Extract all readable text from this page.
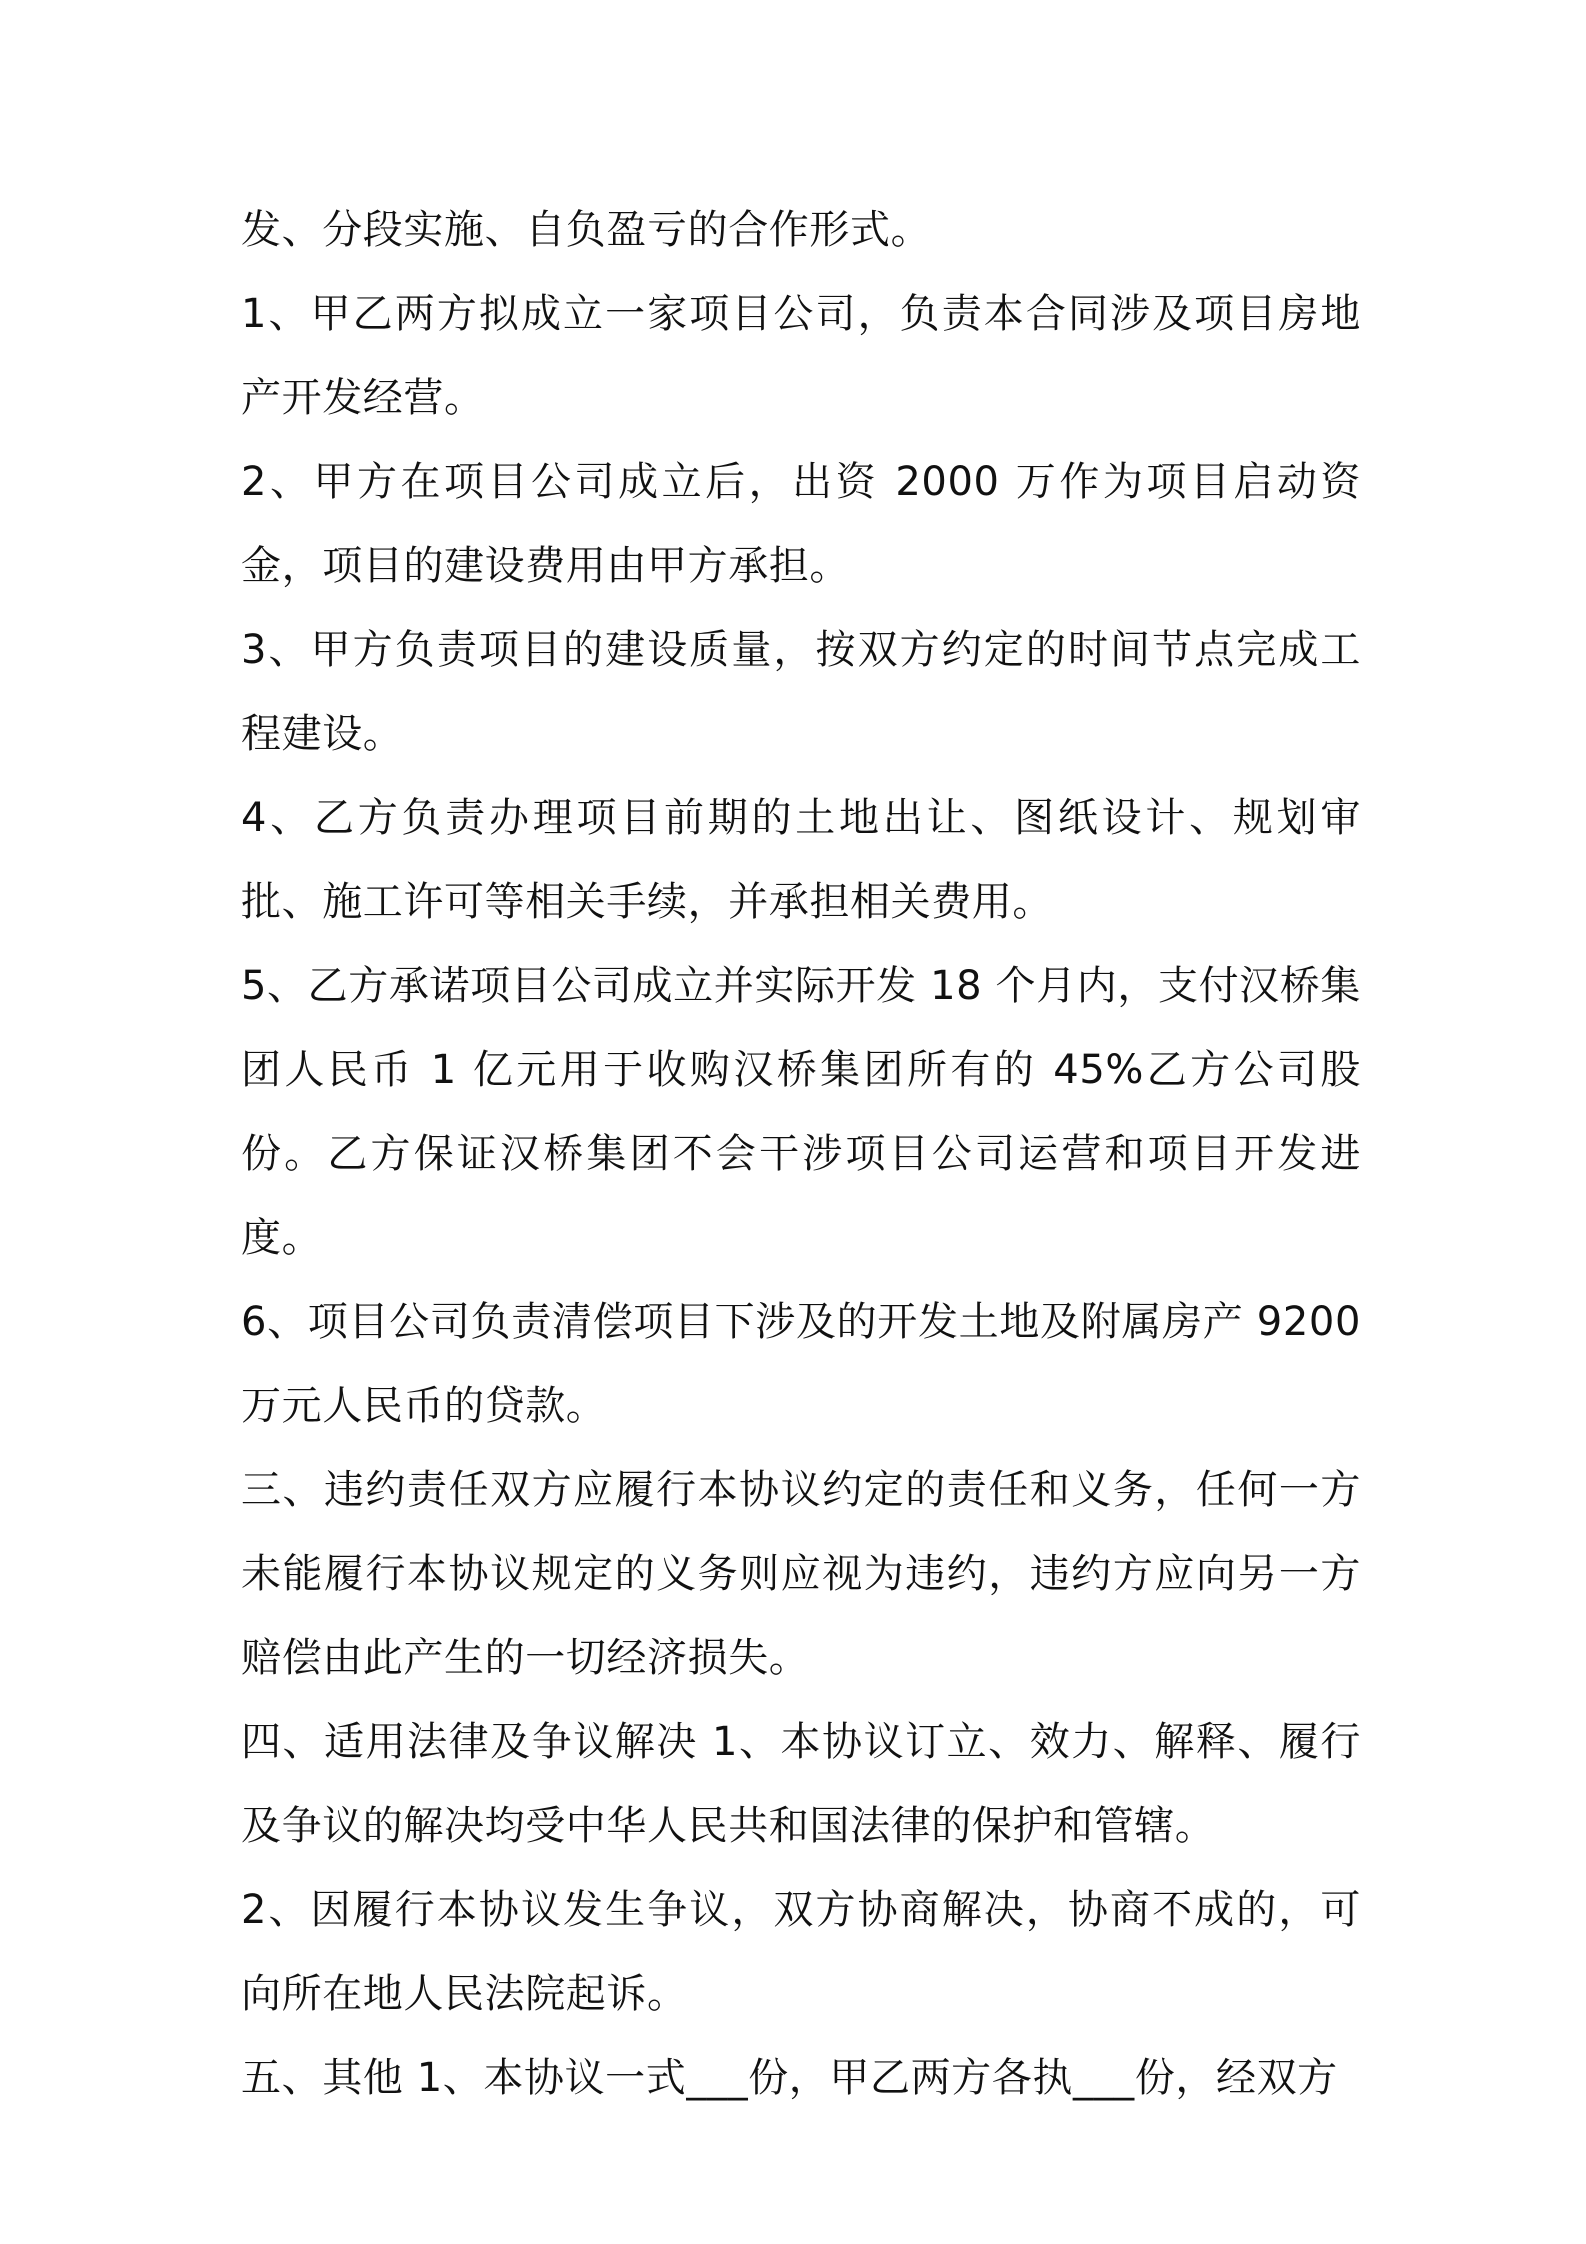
发、分段实施、自负盈亏的合作形式。

1、甲乙两方拟成立一家项目公司，负责本合同涉及项目房地产开发经营。

2、甲方在项目公司成立后，出资 2000 万作为项目启动资金，项目的建设费用由甲方承担。

3、甲方负责项目的建设质量，按双方约定的时间节点完成工程建设。

4、乙方负责办理项目前期的土地出让、图纸设计、规划审批、施工许可等相关手续，并承担相关费用。

5、乙方承诺项目公司成立并实际开发 18 个月内，支付汉桥集团人民币 1 亿元用于收购汉桥集团所有的 45%乙方公司股份。乙方保证汉桥集团不会干涉项目公司运营和项目开发进度。

6、项目公司负责清偿项目下涉及的开发土地及附属房产 9200 万元人民币的贷款。

三、违约责任双方应履行本协议约定的责任和义务，任何一方未能履行本协议规定的义务则应视为违约，违约方应向另一方赔偿由此产生的一切经济损失。

四、适用法律及争议解决 1、本协议订立、效力、解释、履行及争议的解决均受中华人民共和国法律的保护和管辖。

2、因履行本协议发生争议，双方协商解决，协商不成的，可向所在地人民法院起诉。

五、其他 1、本协议一式___份，甲乙两方各执___份，经双方
